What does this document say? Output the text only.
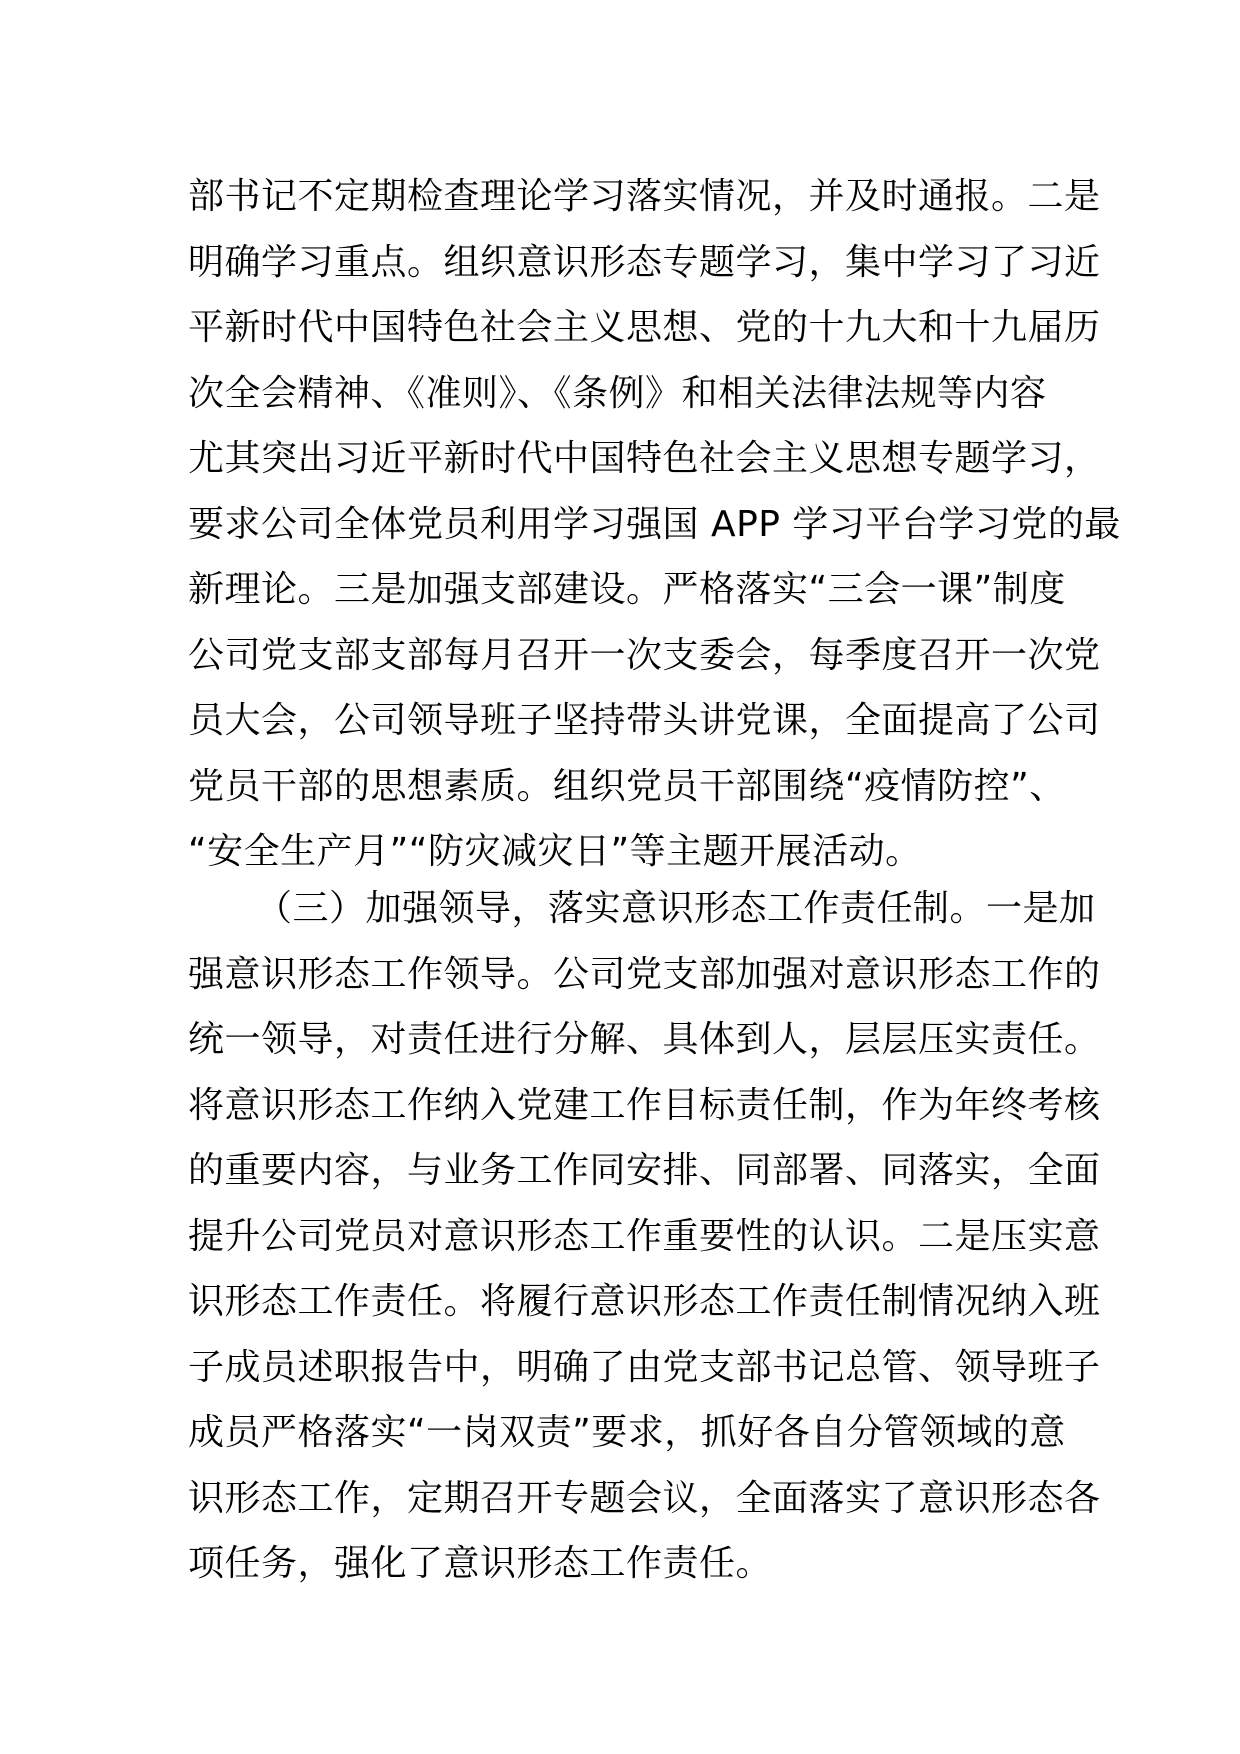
部书记不定期检查理论学习落实情况，并及时通报。二是
明确学习重点。组织意识形态专题学习，集中学习了习近
平新时代中国特色社会主义思想、党的十九大和十九届历
次全会精神、《准则》、《条例》和相关法律法规等内容
尤其突出习近平新时代中国特色社会主义思想专题学习，
要求公司全体党员利用学习强国 APP 学习平台学习党的最
新理论。三是加强支部建设。严格落实“三会一课”制度
公司党支部支部每月召开一次支委会，每季度召开一次党
员大会，公司领导班子坚持带头讲党课，全面提高了公司
党员干部的思想素质。组织党员干部围绕“疫情防控”、
“安全生产月”“防灾减灾日”等主题开展活动。
（三）加强领导，落实意识形态工作责任制。一是加
强意识形态工作领导。公司党支部加强对意识形态工作的
统一领导，对责任进行分解、具体到人，层层压实责任。
将意识形态工作纳入党建工作目标责任制，作为年终考核
的重要内容，与业务工作同安排、同部署、同落实，全面
提升公司党员对意识形态工作重要性的认识。二是压实意
识形态工作责任。将履行意识形态工作责任制情况纳入班
子成员述职报告中，明确了由党支部书记总管、领导班子
成员严格落实“一岗双责”要求，抓好各自分管领域的意
识形态工作，定期召开专题会议，全面落实了意识形态各
项任务，强化了意识形态工作责任。
